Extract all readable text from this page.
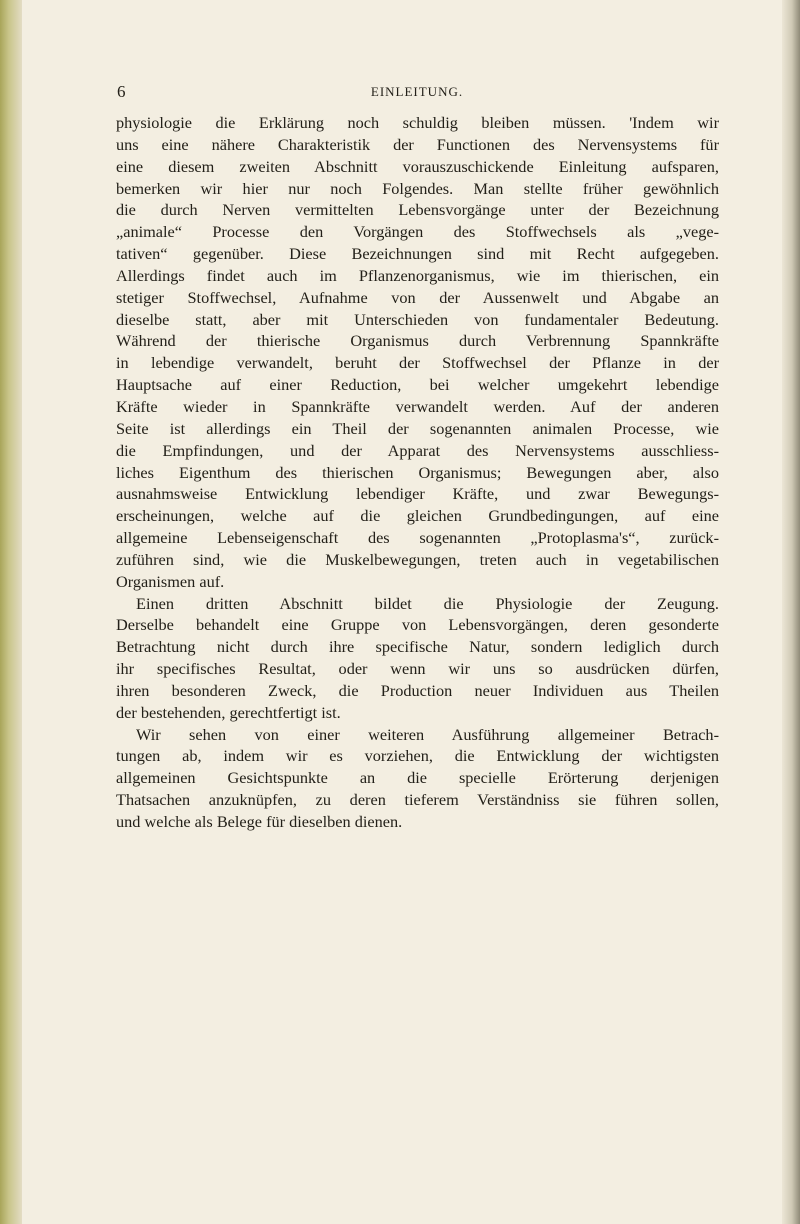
6	EINLEITUNG.
physiologie die Erklärung noch schuldig bleiben müssen. 'Indem wir
uns eine nähere Charakteristik der Functionen des Nervensystems für
eine diesem zweiten Abschnitt vorauszuschickende Einleitung aufsparen,
bemerken wir hier nur noch Folgendes. Man stellte früher gewöhnlich
die durch Nerven vermittelten Lebensvorgänge unter der Bezeichnung
„animale“ Processe den Vorgängen des Stoffwechsels als „vege-
tativen“ gegenüber. Diese Bezeichnungen sind mit Recht aufgegeben.
Allerdings findet auch im Pflanzenorganismus, wie im thierischen, ein
stetiger Stoffwechsel, Aufnahme von der Aussenwelt und Abgabe an
dieselbe statt, aber mit Unterschieden von fundamentaler Bedeutung.
Während der thierische Organismus durch Verbrennung Spannkräfte
in lebendige verwandelt, beruht der Stoffwechsel der Pflanze in der
Hauptsache auf einer Reduction, bei welcher umgekehrt lebendige
Kräfte wieder in Spannkräfte verwandelt werden. Auf der anderen
Seite ist allerdings ein Theil der sogenannten animalen Processe, wie
die Empfindungen, und der Apparat des Nervensystems ausschliess-
liches Eigenthum des thierischen Organismus; Bewegungen aber, also
ausnahmsweise Entwicklung lebendiger Kräfte, und zwar Bewegungs-
erscheinungen, welche auf die gleichen Grundbedingungen, auf eine
allgemeine Lebenseigenschaft des sogenannten „Protoplasma's“, zurück-
zuführen sind, wie die Muskelbewegungen, treten auch in vegetabilischen
Organismen auf.
Einen dritten Abschnitt bildet die Physiologie der Zeugung.
Derselbe behandelt eine Gruppe von Lebensvorgängen, deren gesonderte
Betrachtung nicht durch ihre specifische Natur, sondern lediglich durch
ihr specifisches Resultat, oder wenn wir uns so ausdrücken dürfen,
ihren besonderen Zweck, die Production neuer Individuen aus Theilen
der bestehenden, gerechtfertigt ist.
Wir sehen von einer weiteren Ausführung allgemeiner Betrach-
tungen ab, indem wir es vorziehen, die Entwicklung der wichtigsten
allgemeinen Gesichtspunkte an die specielle Erörterung derjenigen
Thatsachen anzuknüpfen, zu deren tieferem Verständniss sie führen sollen,
und welche als Belege für dieselben dienen.
